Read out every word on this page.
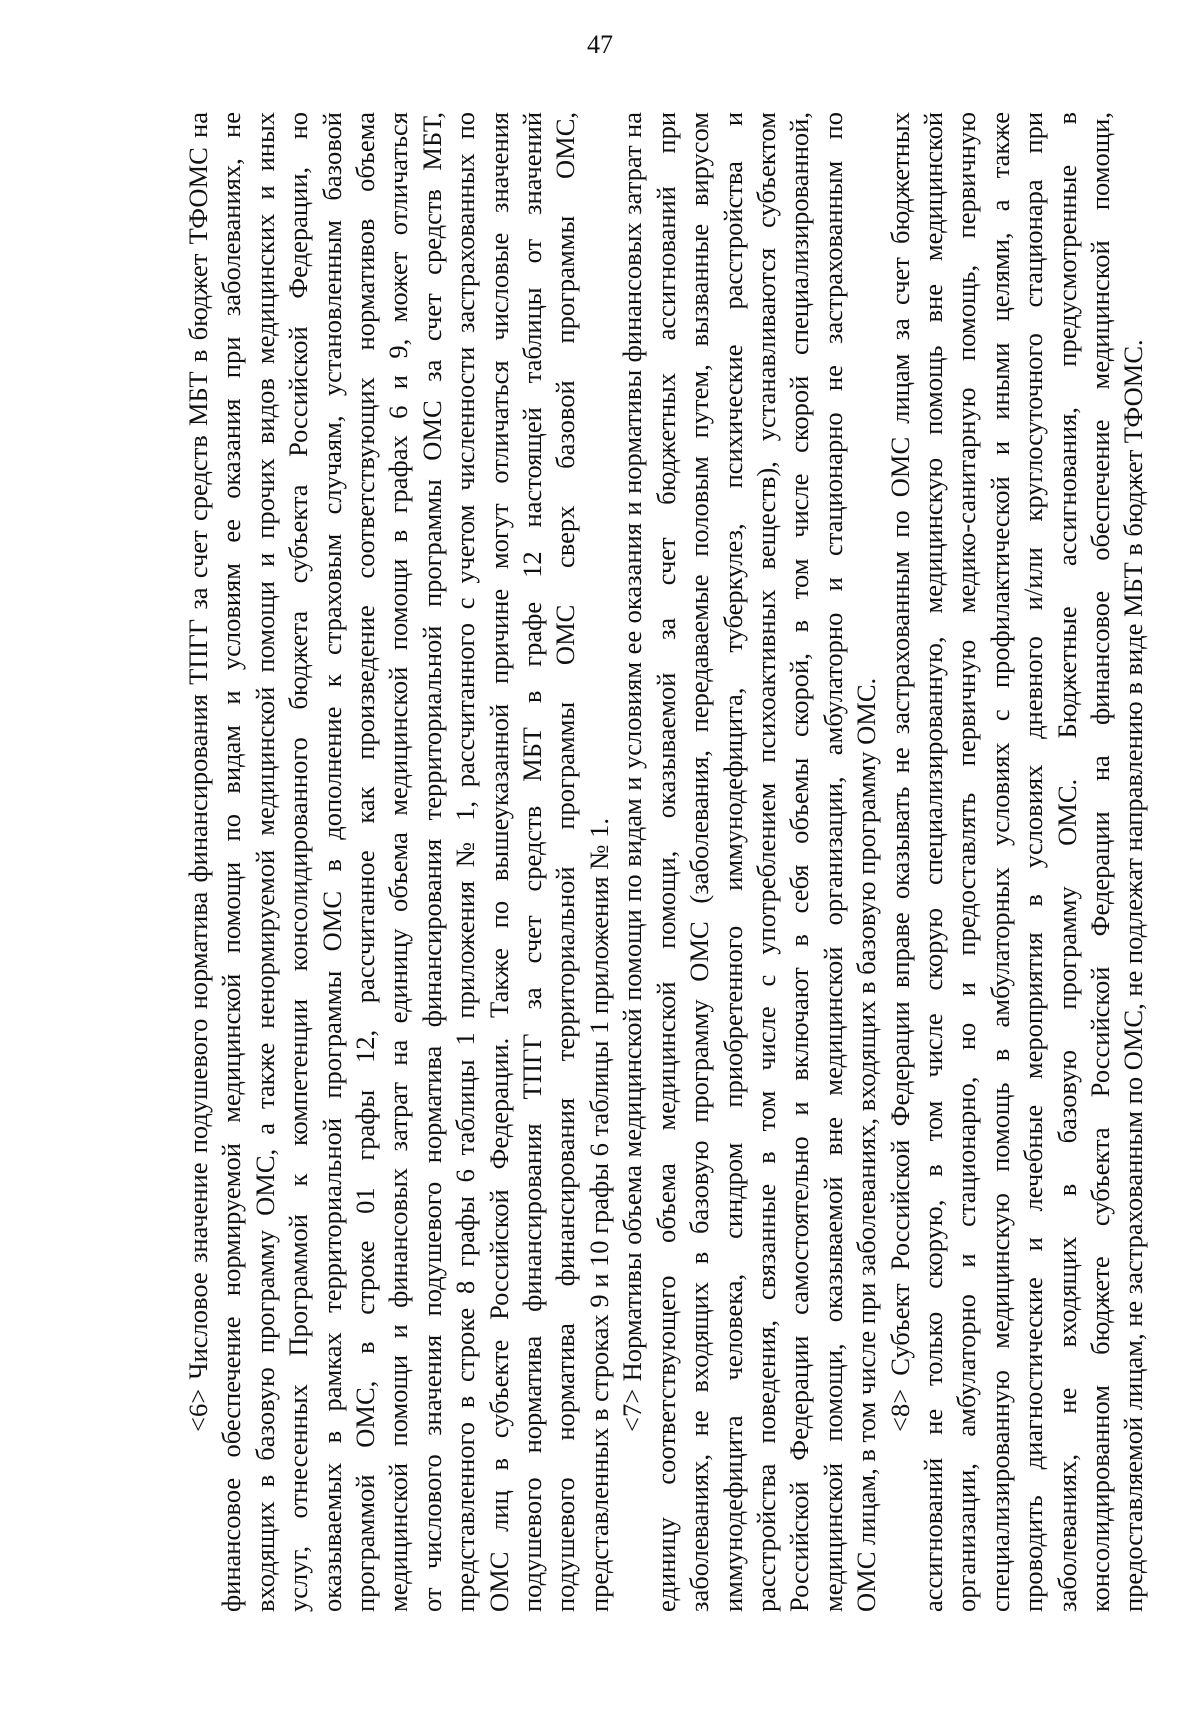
47
<6> Числовое значение подушевого норматива финансирования ТПГГ за счет средств МБТ в бюджет ТФОМС на финансовое обеспечение нормируемой медицинской помощи по видам и условиям ее оказания при заболеваниях, не входящих в базовую программу ОМС, а также ненормируемой медицинской помощи и прочих видов медицинских и иных услуг, отнесенных Программой к компетенции консолидированного бюджета субъекта Российской Федерации, но оказываемых в рамках территориальной программы ОМС в дополнение к страховым случаям, установленным базовой программой ОМС, в строке 01 графы 12, рассчитанное как произведение соответствующих нормативов объема медицинской помощи и финансовых затрат на единицу объема медицинской помощи в графах 6 и 9, может отличаться от числового значения подушевого норматива финансирования территориальной программы ОМС за счет средств МБТ, представленного в строке 8 графы 6 таблицы 1 приложения № 1, рассчитанного с учетом численности застрахованных по ОМС лиц в субъекте Российской Федерации. Также по вышеуказанной причине могут отличаться числовые значения подушевого норматива финансирования ТПГГ за счет средств МБТ в графе 12 настоящей таблицы от значений подушевого норматива финансирования территориальной программы ОМС сверх базовой программы ОМС, представленных в строках 9 и 10 графы 6 таблицы 1 приложения № 1. <7> Нормативы объема медицинской помощи по видам и условиям ее оказания и нормативы финансовых затрат на единицу соответствующего объема медицинской помощи, оказываемой за счет бюджетных ассигнований при заболеваниях, не входящих в базовую программу ОМС (заболевания, передаваемые половым путем, вызванные вирусом иммунодефицита человека, синдром приобретенного иммунодефицита, туберкулез, психические расстройства и расстройства поведения, связанные в том числе с употреблением психоактивных веществ), устанавливаются субъектом Российской Федерации самостоятельно и включают в себя объемы скорой, в том числе скорой специализированной, медицинской помощи, оказываемой вне медицинской организации, амбулаторно и стационарно не застрахованным по ОМС лицам, в том числе при заболеваниях, входящих в базовую программу ОМС. <8> Субъект Российской Федерации вправе оказывать не застрахованным по ОМС лицам за счет бюджетных ассигнований не только скорую, в том числе скорую специализированную, медицинскую помощь вне медицинской организации, амбулаторно и стационарно, но и предоставлять первичную медико-санитарную помощь, первичную специализированную медицинскую помощь в амбулаторных условиях с профилактической и иными целями, а также проводить диагностические и лечебные мероприятия в условиях дневного и/или круглосуточного стационара при заболеваниях, не входящих в базовую программу ОМС. Бюджетные ассигнования, предусмотренные в консолидированном бюджете субъекта Российской Федерации на финансовое обеспечение медицинской помощи, предоставляемой лицам, не застрахованным по ОМС, не подлежат направлению в виде МБТ в бюджет ТФОМС.
